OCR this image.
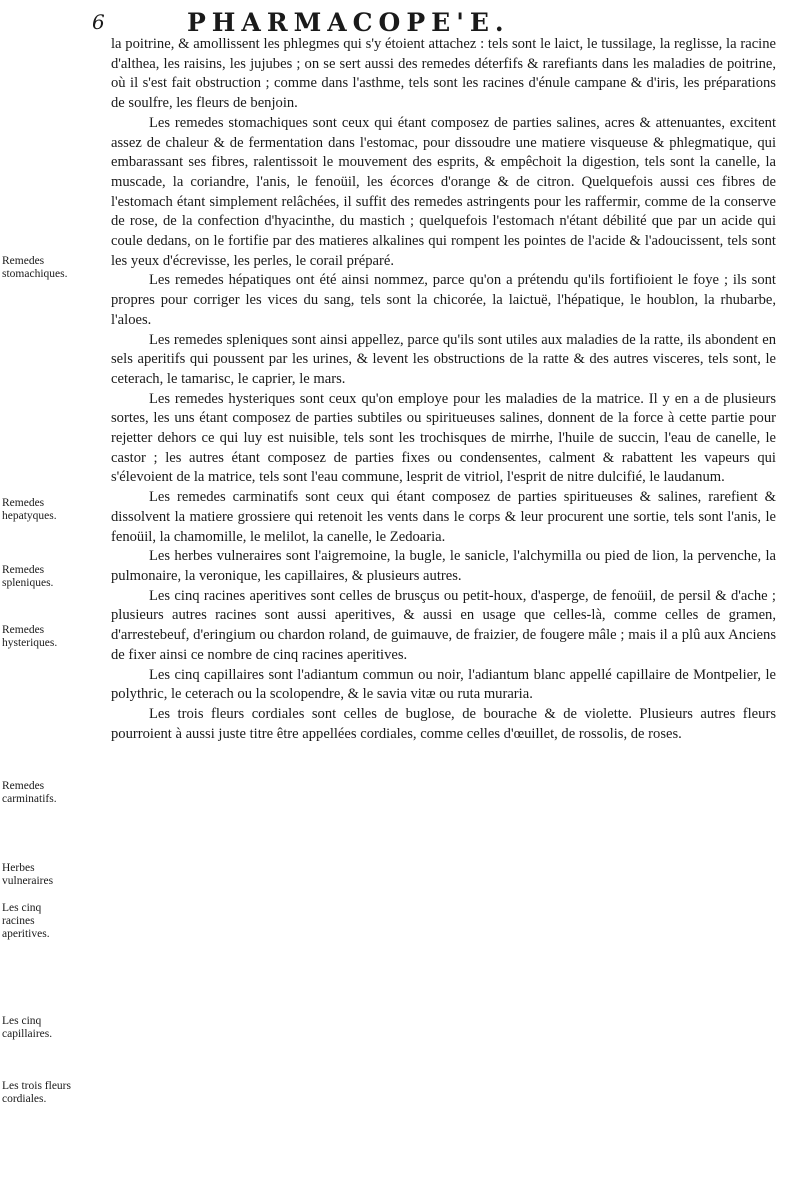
6	PHARMACOPE'E.
Remedes stomachiques.
Remedes hepatyques.
Remedes spleniques.
Remedes hysteriques.
Remedes carminatifs.
Herbes vulneraires
Les cinq racines aperitives.
Les cinq capillaires.
Les trois fleurs cordiales.

la poitrine, & amollissent les phlegmes qui s'y étoient attachez : tels sont le laict, le tussilage, la reglisse, la racine d'althea, les raisins, les jujubes ; on se sert aussi des remedes déterfifs & rarefiants dans les maladies de poitrine, où il s'est fait obstruction ; comme dans l'asthme, tels sont les racines d'énule campane & d'iris, les préparations de soulfre, les fleurs de benjoin.

Les remedes stomachiques sont ceux qui étant composez de parties salines, acres & attenuantes, excitent assez de chaleur & de fermentation dans l'estomac, pour dissoudre une matiere visqueuse & phlegmatique, qui embarassant ses fibres, ralentissoit le mouvement des esprits, & empêchoit la digestion, tels sont la canelle, la muscade, la coriandre, l'anis, le fenoüil, les écorces d'orange & de citron. Quelquefois aussi ces fibres de l'estomach étant simplement relâchées, il suffit des remedes astringents pour les raffermir, comme de la conserve de rose, de la confection d'hyacinthe, du mastich ; quelquefois l'estomach n'étant débilité que par un acide qui coule dedans, on le fortifie par des matieres alkalines qui rompent les pointes de l'acide & l'adoucissent, tels sont les yeux d'écrevisse, les perles, le corail préparé.

Les remedes hépatiques ont été ainsi nommez, parce qu'on a prétendu qu'ils fortifioient le foye ; ils sont propres pour corriger les vices du sang, tels sont la chicorée, la laictuë, l'hépatique, le houblon, la rhubarbe, l'aloes.

Les remedes spleniques sont ainsi appellez, parce qu'ils sont utiles aux maladies de la ratte, ils abondent en sels aperitifs qui poussent par les urines, & levent les obstructions de la ratte & des autres visceres, tels sont, le ceterach, le tamarisc, le caprier, le mars.

Les remedes hysteriques sont ceux qu'on employe pour les maladies de la matrice. Il y en a de plusieurs sortes, les uns étant composez de parties subtiles ou spiritueuses salines, donnent de la force à cette partie pour rejetter dehors ce qui luy est nuisible, tels sont les trochisques de mirrhe, l'huile de succin, l'eau de canelle, le castor ; les autres étant composez de parties fixes ou condensentes, calment & rabattent les vapeurs qui s'élevoient de la matrice, tels sont l'eau commune, lesprit de vitriol, l'esprit de nitre dulcifié, le laudanum.

Les remedes carminatifs sont ceux qui étant composez de parties spiritueuses & salines, rarefient & dissolvent la matiere grossiere qui retenoit les vents dans le corps & leur procurent une sortie, tels sont l'anis, le fenoüil, la chamomille, le melilot, la canelle, le Zedoaria.

Les herbes vulneraires sont l'aigremoine, la bugle, le sanicle, l'alchymilla ou pied de lion, la pervenche, la pulmonaire, la veronique, les capillaires, & plusieurs autres.

Les cinq racines aperitives sont celles de brusçus ou petit-houx, d'asperge, de fenoüil, de persil & d'ache ; plusieurs autres racines sont aussi aperitives, & aussi en usage que celles-là, comme celles de gramen, d'arrestebeuf, d'eringium ou chardon roland, de guimauve, de fraizier, de fougere mâle ; mais il a plû aux Anciens de fixer ainsi ce nombre de cinq racines aperitives.

Les cinq capillaires sont l'adiantum commun ou noir, l'adiantum blanc appellé capillaire de Montpelier, le polythric, le ceterach ou la scolopendre, & le savia vitæ ou ruta muraria.

Les trois fleurs cordiales sont celles de buglose, de bourache & de violette. Plusieurs autres fleurs pourroient à aussi juste titre être appellées cordiales, comme celles d'œuillet, de rossolis, de roses.
